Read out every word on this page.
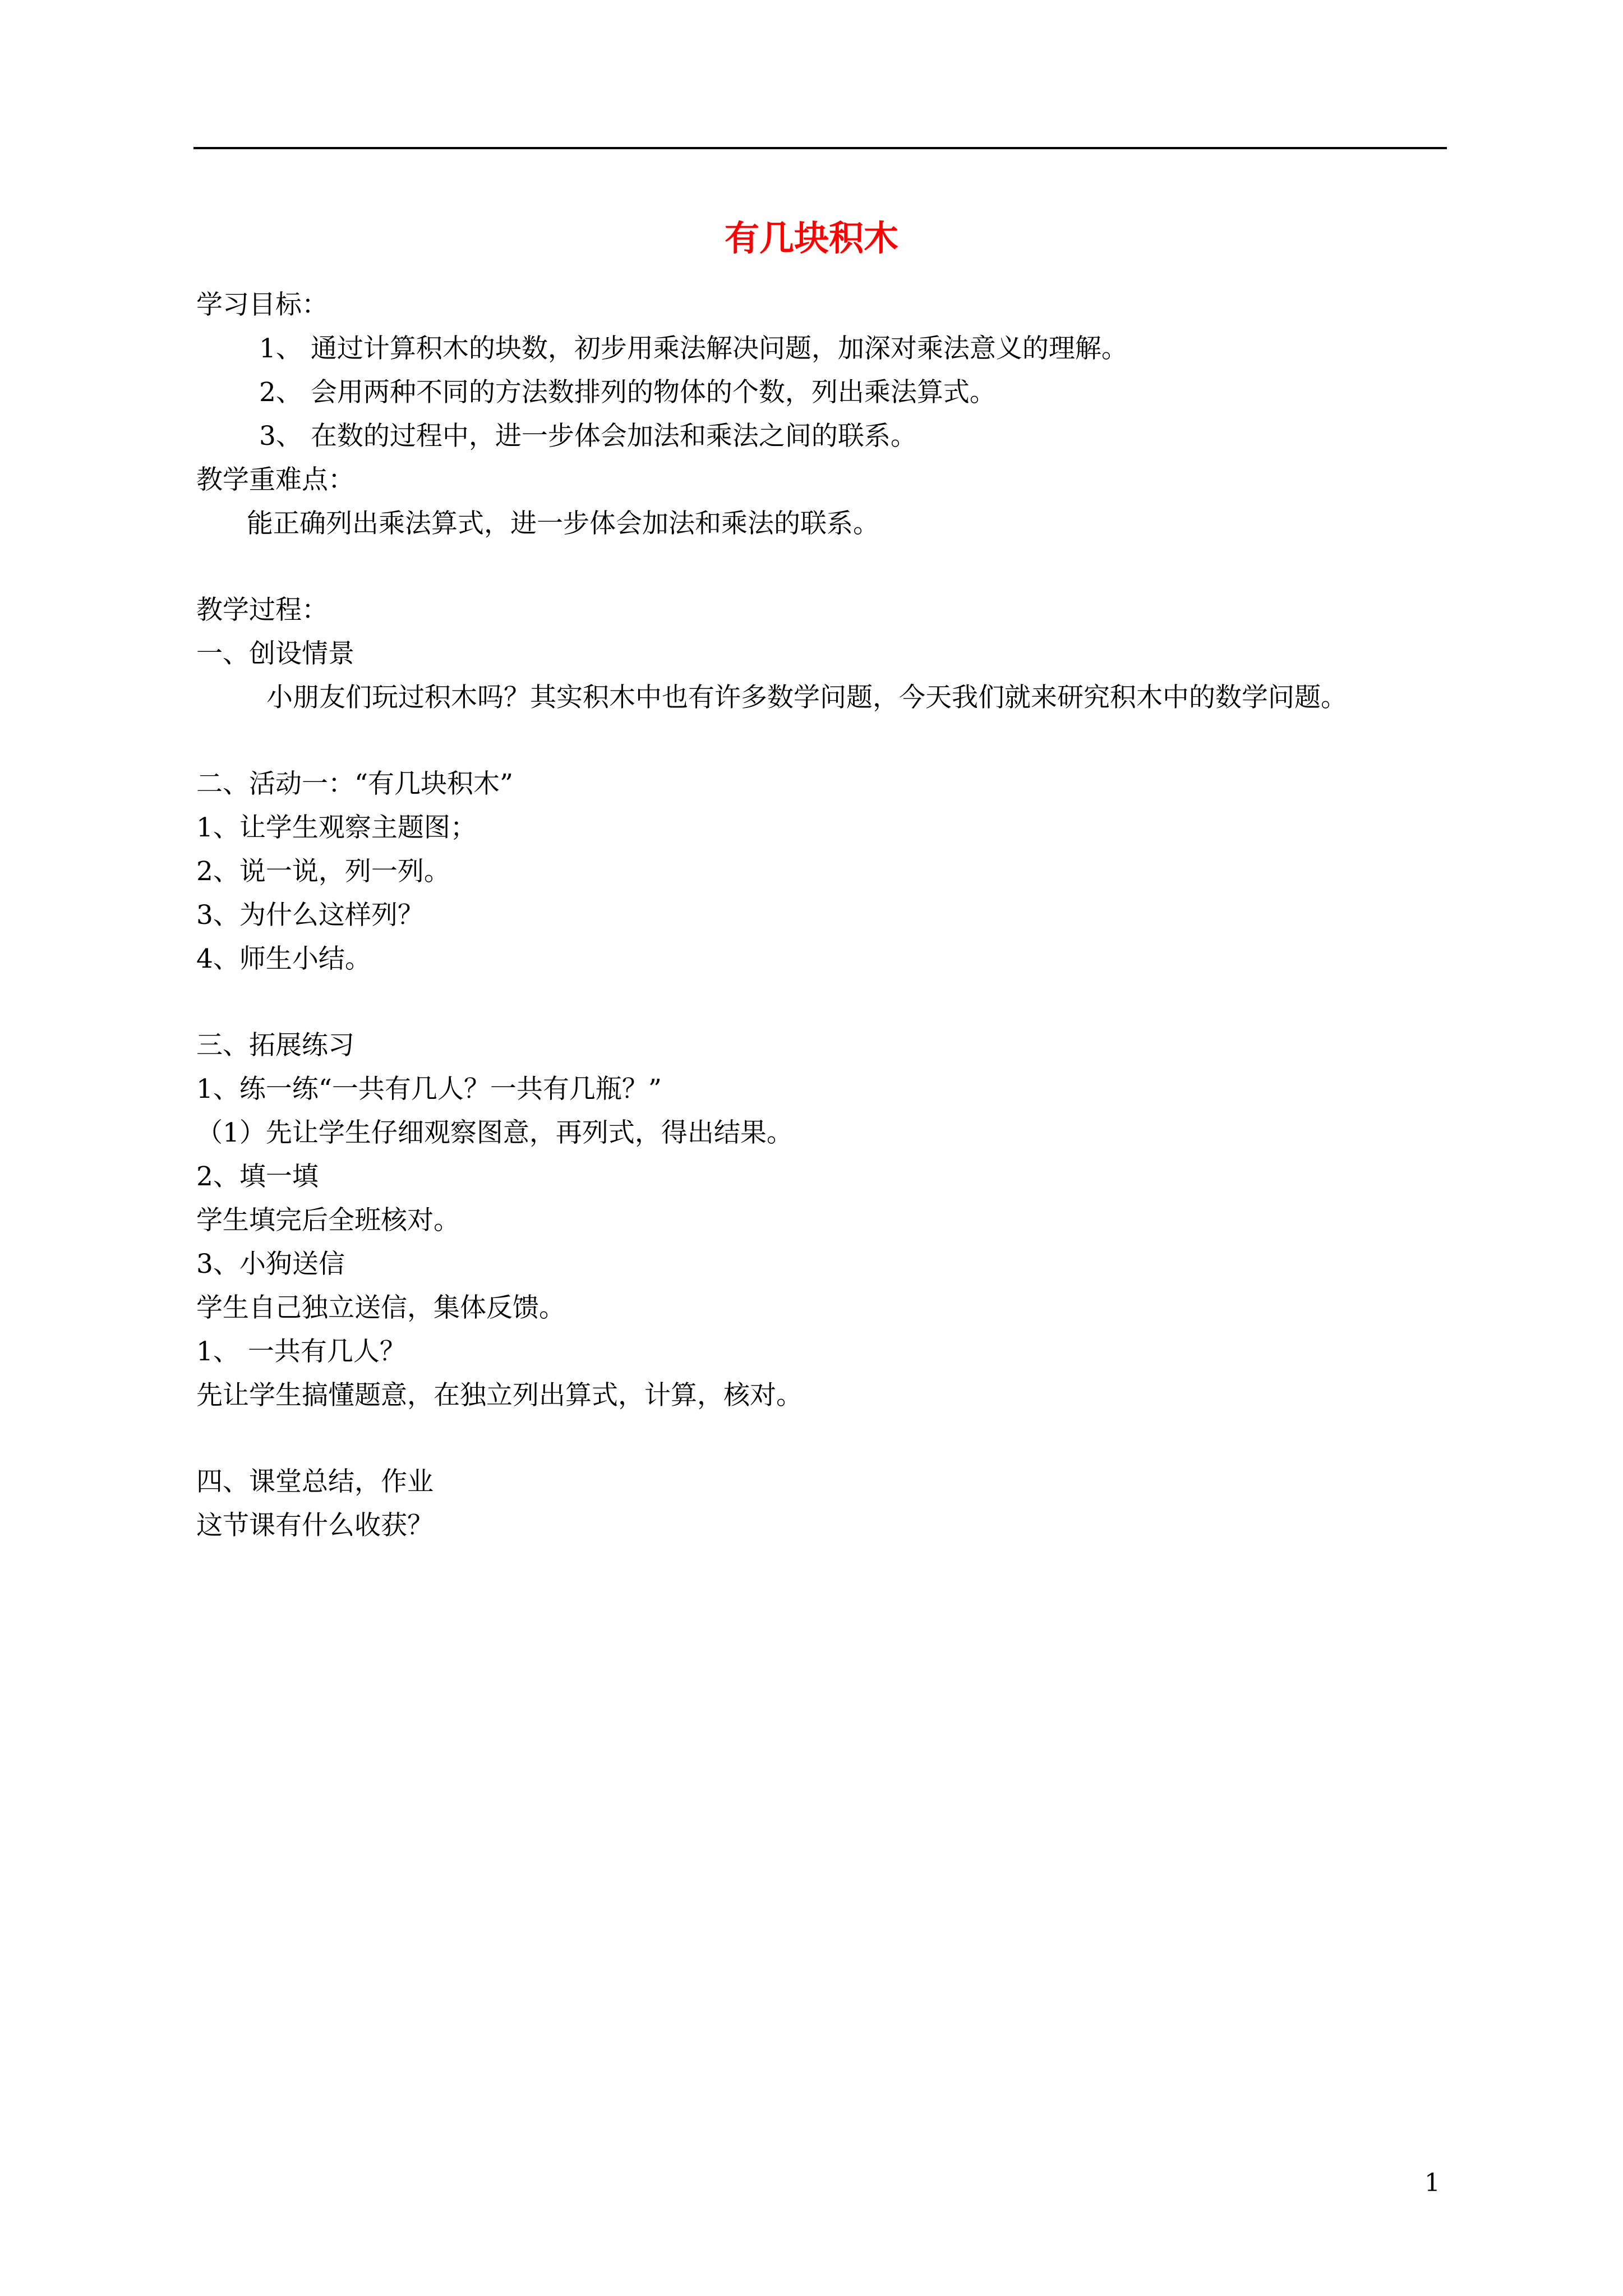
有几块积木
学习目标：
1、 通过计算积木的块数，初步用乘法解决问题，加深对乘法意义的理解。
2、 会用两种不同的方法数排列的物体的个数，列出乘法算式。
3、 在数的过程中，进一步体会加法和乘法之间的联系。
教学重难点：
能正确列出乘法算式，进一步体会加法和乘法的联系。
教学过程：
一、创设情景
小朋友们玩过积木吗？其实积木中也有许多数学问题，今天我们就来研究积木中的数学问题。
二、活动一：“有几块积木”
1、让学生观察主题图；
2、说一说，列一列。
3、为什么这样列？
4、师生小结。
三、拓展练习
1、练一练“一共有几人？一共有几瓶？”
（1）先让学生仔细观察图意，再列式，得出结果。
2、填一填
学生填完后全班核对。
3、小狗送信
学生自己独立送信，集体反馈。
1、 一共有几人？
先让学生搞懂题意，在独立列出算式，计算，核对。
四、课堂总结，作业
这节课有什么收获？
1
